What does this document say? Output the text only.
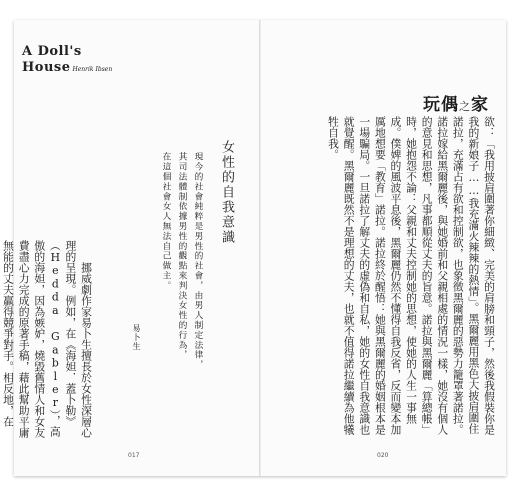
A Doll's
House Henrik Ibsen

挪威劇作家易卜生擅長於女性深層心理的呈現。例如，在《海妲．蓋卜勒》（Hedda Gabler），高傲的海妲，因為嫉妒，燒毀舊情人和女友費盡心力完成的原著手稿，藉此幫助平庸無能的丈夫贏得競爭對手。相反地，在

女性的自我意識
現今的社會純粹是男性的社會，由男人制定法律，
其司法體制依據男性的觀點來判決女性的行為，
在這個社會女人無法自己做主。
易卜生
017
玩偶之家

欲：「我用披肩圍著你細緻、完美的肩膀和頸子，然後我假裝你是我的新娘子……我充滿火辣辣的熱情」。黑爾麗用黑色大披肩圍住諾拉，充滿占有欲和控制欲，也象徵黑爾麗的惡勢力籠罩著諾拉。諾拉嫁給黑爾麗後，與她婚前和父親相處的情況一樣，她沒有個人的意見和思想，凡事都順從丈夫的旨意。諾拉與黑爾麗「算總帳」時，她抱怨不論：父親和丈夫控制她的思想，使她的人生一事無成。僕婢的風波平息後，黑爾麗仍然不懂得自我反省，反而變本加厲地想要「教育」諾拉。諾拉終於醒悟：她與黑爾麗的婚姻根本是一場騙局。一旦諾拉了解丈夫的虛偽和自私，她的女性自我意識也就覺醒。黑爾麗既然不是理想的丈夫，也就不值得諾拉繼續為他犧牲自我。

020
